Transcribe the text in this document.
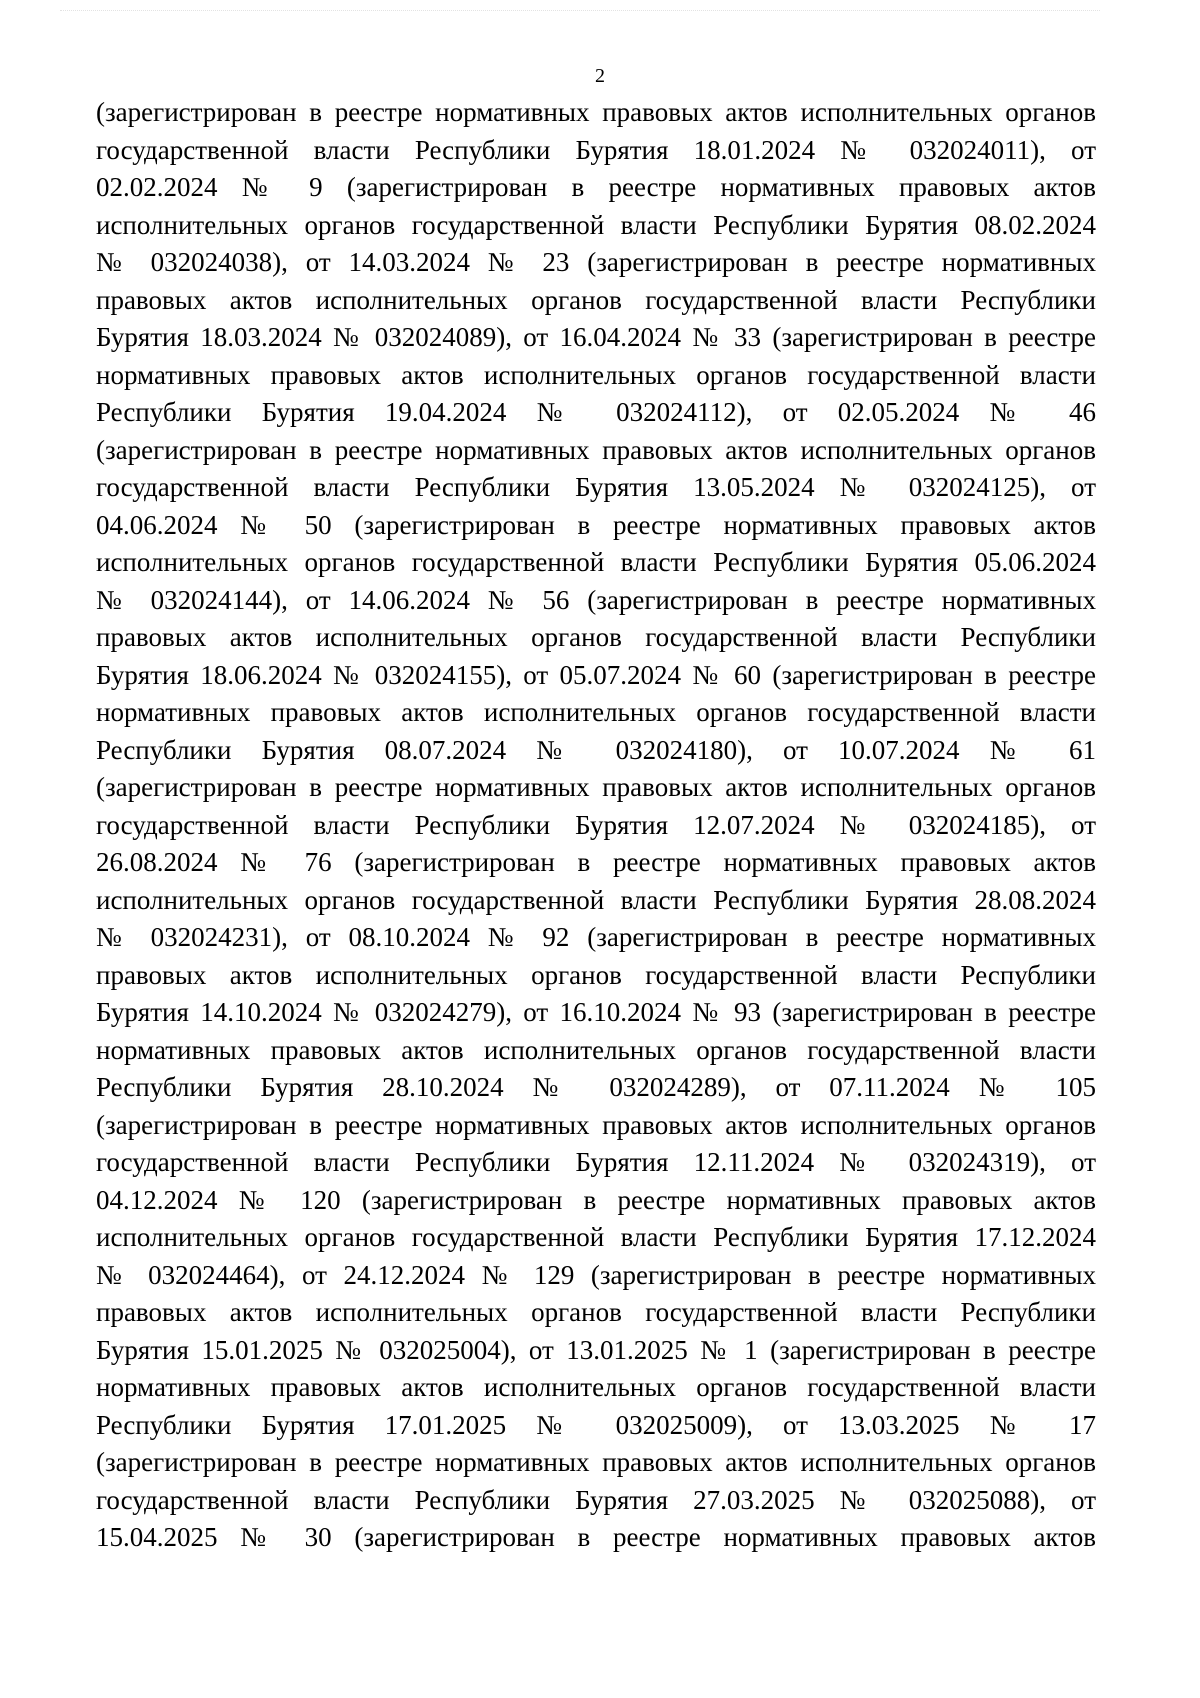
2
(зарегистрирован в реестре нормативных правовых актов исполнительных органов
государственной власти Республики Бурятия 18.01.2024 № 032024011), от
02.02.2024 № 9 (зарегистрирован в реестре нормативных правовых актов
исполнительных органов государственной власти Республики Бурятия 08.02.2024
№ 032024038), от 14.03.2024 № 23 (зарегистрирован в реестре нормативных
правовых актов исполнительных органов государственной власти Республики
Бурятия 18.03.2024 № 032024089), от 16.04.2024 № 33 (зарегистрирован в реестре
нормативных правовых актов исполнительных органов государственной власти
Республики Бурятия 19.04.2024 № 032024112), от 02.05.2024 № 46
(зарегистрирован в реестре нормативных правовых актов исполнительных органов
государственной власти Республики Бурятия 13.05.2024 № 032024125), от
04.06.2024 № 50 (зарегистрирован в реестре нормативных правовых актов
исполнительных органов государственной власти Республики Бурятия 05.06.2024
№ 032024144), от 14.06.2024 № 56 (зарегистрирован в реестре нормативных
правовых актов исполнительных органов государственной власти Республики
Бурятия 18.06.2024 № 032024155), от 05.07.2024 № 60 (зарегистрирован в реестре
нормативных правовых актов исполнительных органов государственной власти
Республики Бурятия 08.07.2024 № 032024180), от 10.07.2024 № 61
(зарегистрирован в реестре нормативных правовых актов исполнительных органов
государственной власти Республики Бурятия 12.07.2024 № 032024185), от
26.08.2024 № 76 (зарегистрирован в реестре нормативных правовых актов
исполнительных органов государственной власти Республики Бурятия 28.08.2024
№ 032024231), от 08.10.2024 № 92 (зарегистрирован в реестре нормативных
правовых актов исполнительных органов государственной власти Республики
Бурятия 14.10.2024 № 032024279), от 16.10.2024 № 93 (зарегистрирован в реестре
нормативных правовых актов исполнительных органов государственной власти
Республики Бурятия 28.10.2024 № 032024289), от 07.11.2024 № 105
(зарегистрирован в реестре нормативных правовых актов исполнительных органов
государственной власти Республики Бурятия 12.11.2024 № 032024319), от
04.12.2024 № 120 (зарегистрирован в реестре нормативных правовых актов
исполнительных органов государственной власти Республики Бурятия 17.12.2024
№ 032024464), от 24.12.2024 № 129 (зарегистрирован в реестре нормативных
правовых актов исполнительных органов государственной власти Республики
Бурятия 15.01.2025 № 032025004), от 13.01.2025 № 1 (зарегистрирован в реестре
нормативных правовых актов исполнительных органов государственной власти
Республики Бурятия 17.01.2025 № 032025009), от 13.03.2025 № 17
(зарегистрирован в реестре нормативных правовых актов исполнительных органов
государственной власти Республики Бурятия 27.03.2025 № 032025088), от
15.04.2025 № 30 (зарегистрирован в реестре нормативных правовых актов
